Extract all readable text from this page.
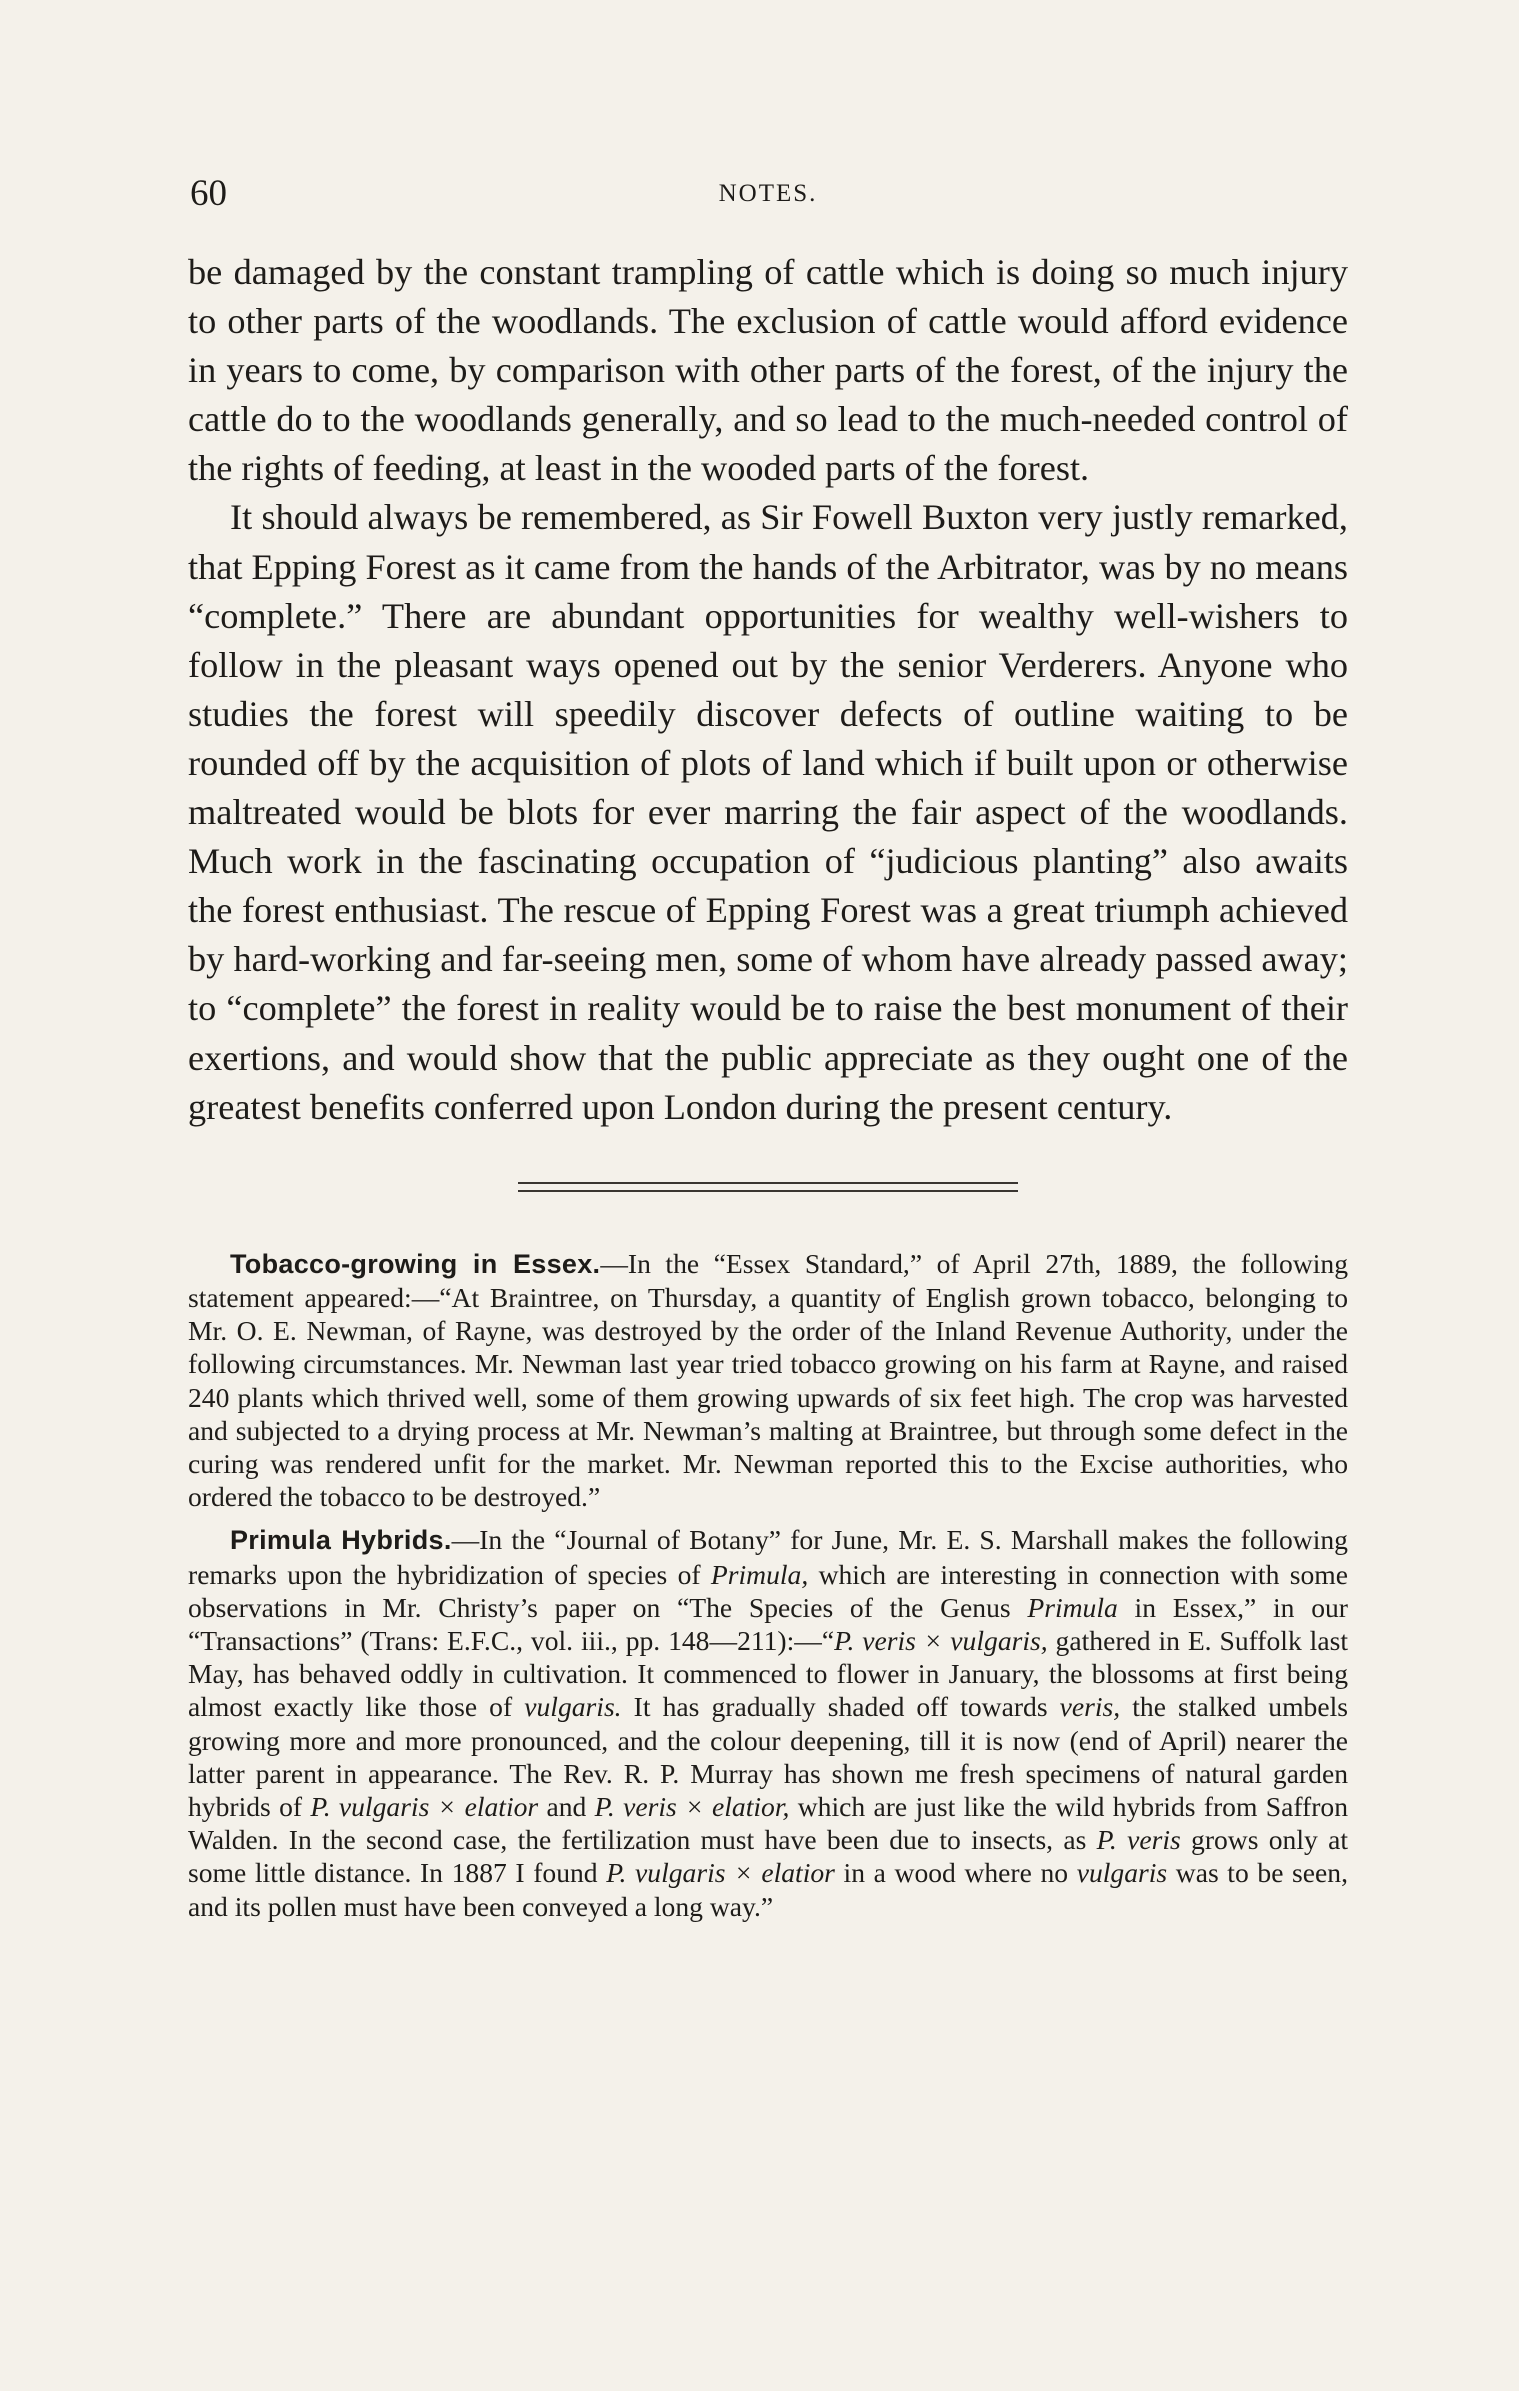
60	NOTES.

be damaged by the constant trampling of cattle which is doing so much injury to other parts of the woodlands. The exclusion of cattle would afford evidence in years to come, by comparison with other parts of the forest, of the injury the cattle do to the woodlands generally, and so lead to the much-needed control of the rights of feeding, at least in the wooded parts of the forest.

It should always be remembered, as Sir Fowell Buxton very justly remarked, that Epping Forest as it came from the hands of the Arbitrator, was by no means “complete.” There are abundant opportunities for wealthy well-wishers to follow in the pleasant ways opened out by the senior Verderers. Anyone who studies the forest will speedily discover defects of outline waiting to be rounded off by the acquisition of plots of land which if built upon or otherwise maltreated would be blots for ever marring the fair aspect of the woodlands. Much work in the fascinating occupation of “judicious planting” also awaits the forest enthusiast. The rescue of Epping Forest was a great triumph achieved by hard-working and far-seeing men, some of whom have already passed away; to “complete” the forest in reality would be to raise the best monument of their exertions, and would show that the public appreciate as they ought one of the greatest benefits conferred upon London during the present century.

Tobacco-growing in Essex.—In the “Essex Standard,” of April 27th, 1889, the following statement appeared:—“At Braintree, on Thursday, a quantity of English grown tobacco, belonging to Mr. O. E. Newman, of Rayne, was destroyed by the order of the Inland Revenue Authority, under the following circumstances. Mr. Newman last year tried tobacco growing on his farm at Rayne, and raised 240 plants which thrived well, some of them growing upwards of six feet high. The crop was harvested and subjected to a drying process at Mr. Newman’s malting at Braintree, but through some defect in the curing was rendered unfit for the market. Mr. Newman reported this to the Excise authorities, who ordered the tobacco to be destroyed.”

Primula Hybrids.—In the “Journal of Botany” for June, Mr. E. S. Marshall makes the following remarks upon the hybridization of species of Primula, which are interesting in connection with some observations in Mr. Christy’s paper on “The Species of the Genus Primula in Essex,” in our “Transactions” (Trans: E.F.C., vol. iii., pp. 148—211):—“P. veris × vulgaris, gathered in E. Suffolk last May, has behaved oddly in cultivation. It commenced to flower in January, the blossoms at first being almost exactly like those of vulgaris. It has gradually shaded off towards veris, the stalked umbels growing more and more pronounced, and the colour deepening, till it is now (end of April) nearer the latter parent in appearance. The Rev. R. P. Murray has shown me fresh specimens of natural garden hybrids of P. vulgaris × elatior and P. veris × elatior, which are just like the wild hybrids from Saffron Walden. In the second case, the fertilization must have been due to insects, as P. veris grows only at some little distance. In 1887 I found P. vulgaris × elatior in a wood where no vulgaris was to be seen, and its pollen must have been conveyed a long way.”
